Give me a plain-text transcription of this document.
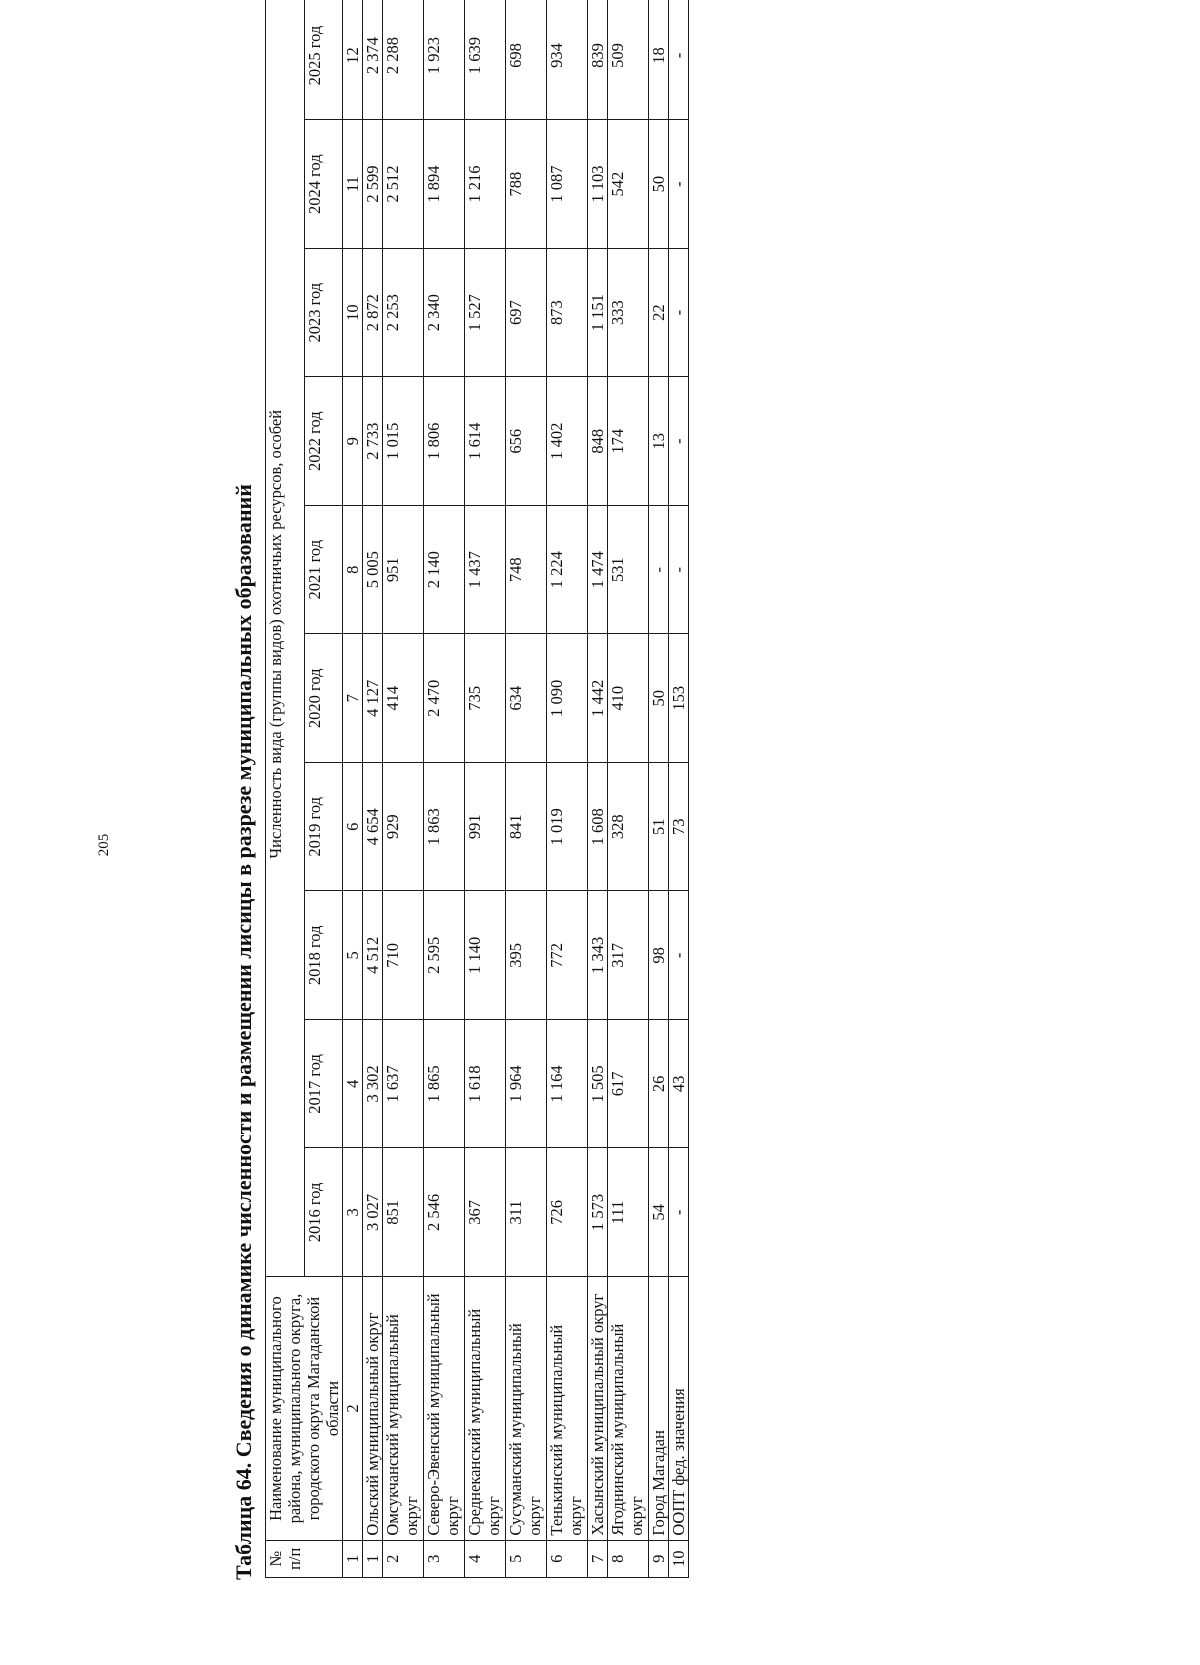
205	Таблица 64. Сведения о динамике численности и размещении лисицы в разрезе муниципальных образований № п/п	Наименование муниципального района, муниципального округа, городского округа Магаданской области	Численность вида (группы видов) охотничьих ресурсов, особей									
		2016 год	2017 год	2018 год	2019 год	2020 год	2021 год	2022 год	2023 год	2024 год	2025 год
1	2	3	4	5	6	7	8	9	10	11	12
1	Ольский муниципальный округ	3 027	3 302	4 512	4 654	4 127	5 005	2 733	2 872	2 599	2 374
2	Омсукчанский муниципальный округ	851	1 637	710	929	414	951	1 015	2 253	2 512	2 288
3	Северо-Эвенский муниципальный округ	2 546	1 865	2 595	1 863	2 470	2 140	1 806	2 340	1 894	1 923
4	Среднеканский муниципальный округ	367	1 618	1 140	991	735	1 437	1 614	1 527	1 216	1 639
5	Сусуманский муниципальный округ	311	1 964	395	841	634	748	656	697	788	698
6	Тенькинский муниципальный округ	726	1 164	772	1 019	1 090	1 224	1 402	873	1 087	934
7	Хасынский муниципальный округ	1 573	1 505	1 343	1 608	1 442	1 474	848	1 151	1 103	839
8	Ягоднинский муниципальный округ	111	617	317	328	410	531	174	333	542	509
9	Город Магадан	54	26	98	51	50	-	13	22	50	18
10	ООПТ фед. значения	-	43	-	73	153	-	-	-	-	-
